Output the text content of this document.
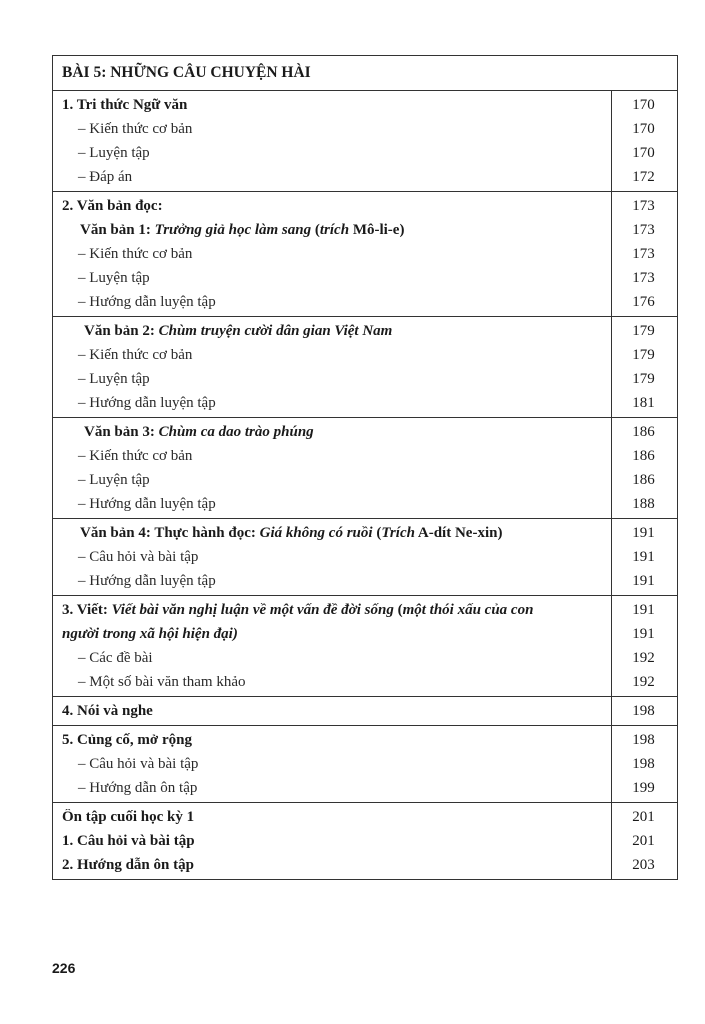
BÀI 5: NHỮNG CÂU CHUYỆN HÀI
1. Tri thức Ngữ văn	170
– Kiến thức cơ bản	170
– Luyện tập	170
– Đáp án	172
2. Văn bản đọc:	173
Văn bản 1: Trưởng giả học làm sang (trích Mô-li-e)	173
– Kiến thức cơ bản	173
– Luyện tập	173
– Hướng dẫn luyện tập	176
Văn bản 2: Chùm truyện cười dân gian Việt Nam	179
– Kiến thức cơ bản	179
– Luyện tập	179
– Hướng dẫn luyện tập	181
Văn bản 3: Chùm ca dao trào phúng	186
– Kiến thức cơ bản	186
– Luyện tập	186
– Hướng dẫn luyện tập	188
Văn bản 4: Thực hành đọc: Giá không có ruồi (Trích A-dít Ne-xin)	191
– Câu hỏi và bài tập	191
– Hướng dẫn luyện tập	191
3. Viết: Viết bài văn nghị luận về một vấn đề đời sống (một thói xấu của con	191
người trong xã hội hiện đại)	191
– Các đề bài	192
– Một số bài văn tham khảo	192
4. Nói và nghe	198
5. Củng cố, mở rộng	198
– Câu hỏi và bài tập	198
– Hướng dẫn ôn tập	199
Ôn tập cuối học kỳ 1	201
1. Câu hỏi và bài tập	201
2. Hướng dẫn ôn tập	203
226
